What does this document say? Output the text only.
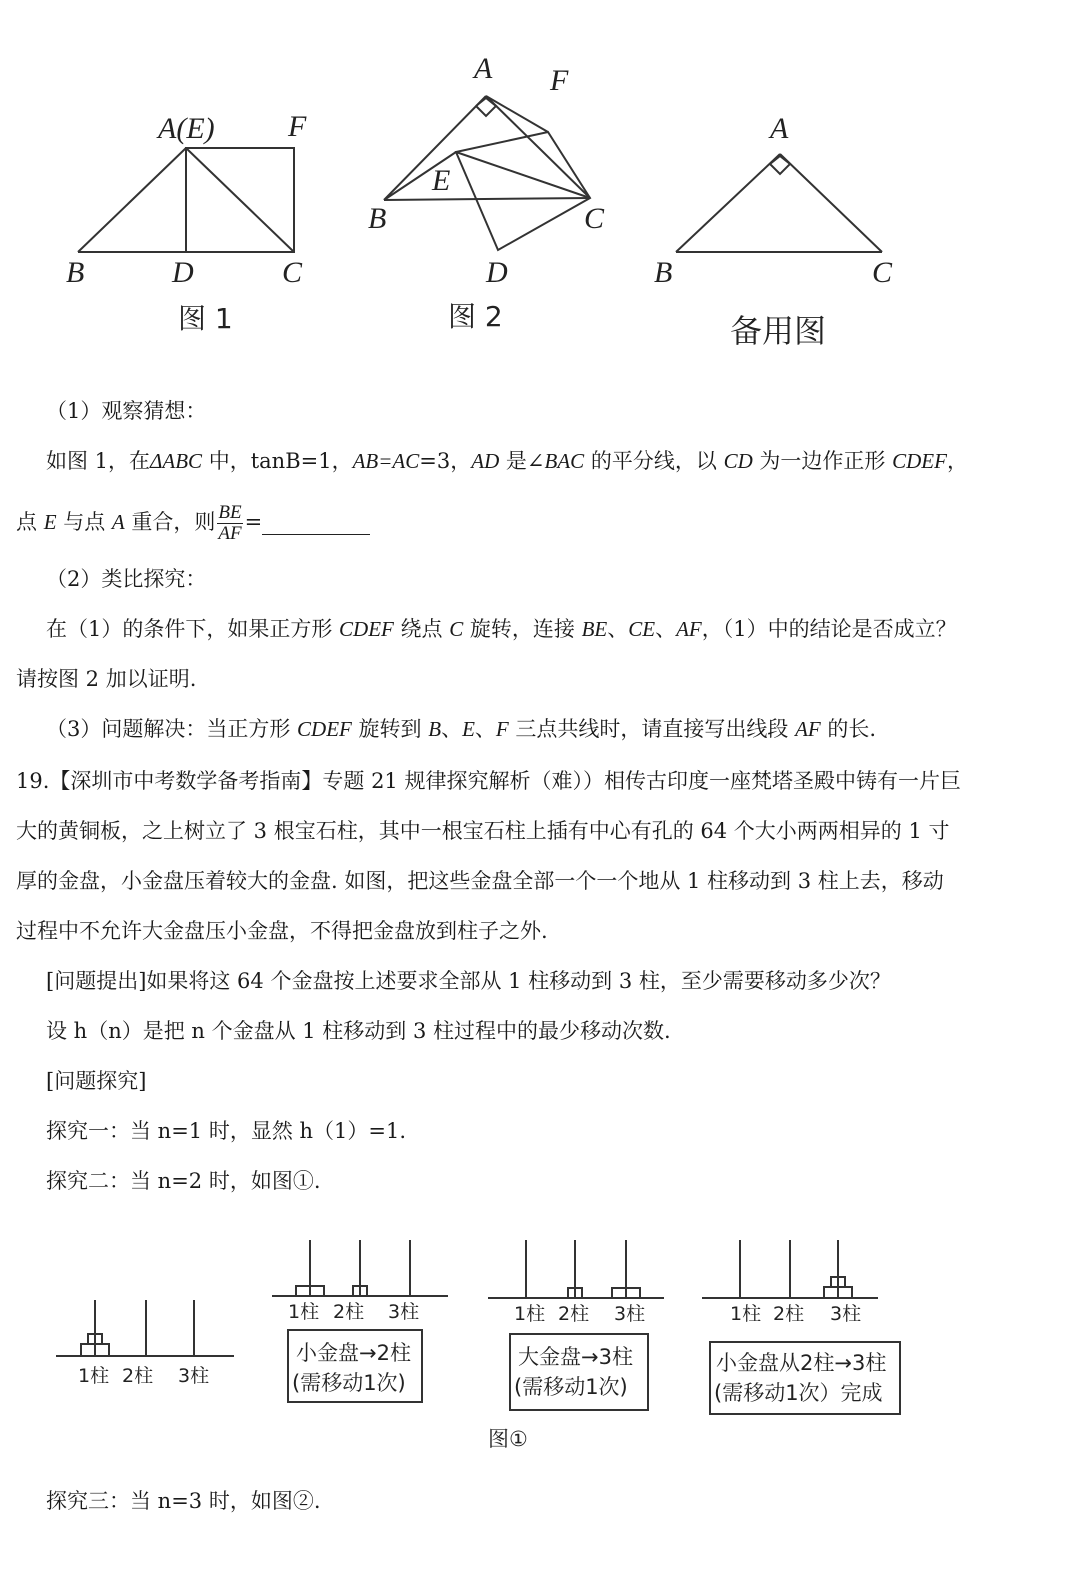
A(E) F
B	D	C
图 1
A F
E
B	C
D
图 2
A
B	C
备用图
（1）观察猜想：
如图 1，在ΔABC 中，tanB=1，AB=AC=3，AD 是∠BAC 的平分线，以 CD 为一边作正形 CDEF，
点 E 与点 A 重合，则 $\frac{BE}{AF}$ =
（2）类比探究：
在（1）的条件下，如果正方形 CDEF 绕点 C 旋转，连接 BE、CE、AF，（1）中的结论是否成立？
请按图 2 加以证明.
（3）问题解决：当正方形 CDEF 旋转到 B、E、F 三点共线时，请直接写出线段 AF 的长.
19.【深圳市中考数学备考指南】专题 21 规律探究解析（难））相传古印度一座梵塔圣殿中铸有一片巨
大的黄铜板，之上树立了 3 根宝石柱，其中一根宝石柱上插有中心有孔的 64 个大小两两相异的 1 寸
厚的金盘，小金盘压着较大的金盘. 如图，把这些金盘全部一个一个地从 1 柱移动到 3 柱上去，移动
过程中不允许大金盘压小金盘，不得把金盘放到柱子之外.
[问题提出]如果将这 64 个金盘按上述要求全部从 1 柱移动到 3 柱，至少需要移动多少次？
设 h（n）是把 n 个金盘从 1 柱移动到 3 柱过程中的最少移动次数.
[问题探究]
探究一：当 n=1 时，显然 h（1）=1.
探究二：当 n=2 时，如图①.
1柱 2柱 3柱
1柱 2柱 3柱	1柱 2柱 3柱	1柱 2柱 3柱
小金盘→2柱
(需移动1次)
大金盘→3柱
(需移动1次)
小金盘从2柱→3柱
(需移动1次）完成
图①
探究三：当 n=3 时，如图②.
